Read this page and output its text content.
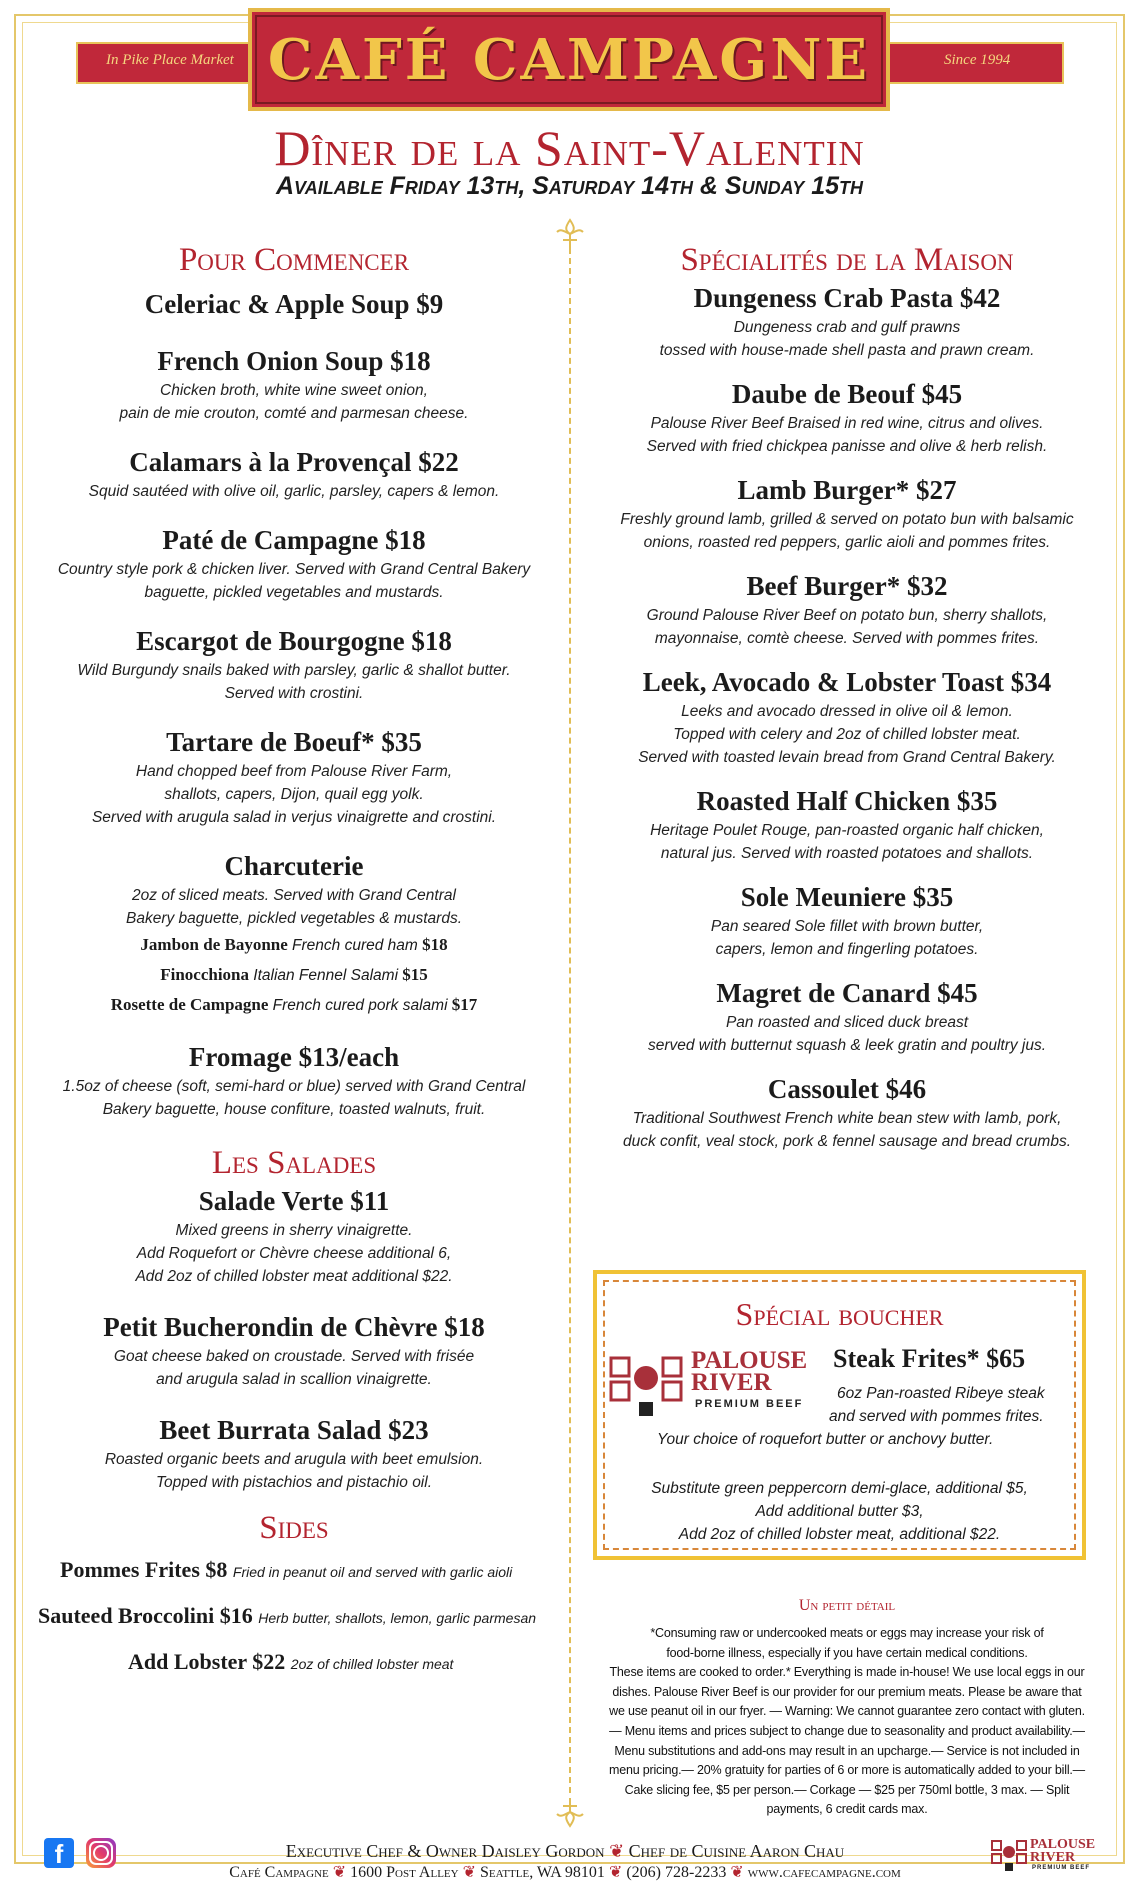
In Pike Place Market	Since 1994
CAFÉ CAMPAGNE
Dîner de la Saint-Valentin
Available Friday 13th, Saturday 14th & Sunday 15th
Pour Commencer
Celeriac & Apple Soup $9
French Onion Soup $18
Chicken broth, white wine sweet onion,
pain de mie crouton, comté and parmesan cheese.
Calamars à la Provençal $22
Squid sautéed with olive oil, garlic, parsley, capers & lemon.
Paté de Campagne $18
Country style pork & chicken liver. Served with Grand Central Bakery
baguette, pickled vegetables and mustards.
Escargot de Bourgogne $18
Wild Burgundy snails baked with parsley, garlic & shallot butter.
Served with crostini.
Tartare de Boeuf* $35
Hand chopped beef from Palouse River Farm,
shallots, capers, Dijon, quail egg yolk.
Served with arugula salad in verjus vinaigrette and crostini.
Charcuterie
2oz of sliced meats. Served with Grand Central
Bakery baguette, pickled vegetables & mustards.
Jambon de Bayonne French cured ham $18
Finocchiona Italian Fennel Salami $15
Rosette de Campagne French cured pork salami $17
Fromage $13/each
1.5oz of cheese (soft, semi-hard or blue) served with Grand Central
Bakery baguette, house confiture, toasted walnuts, fruit.
Les Salades
Salade Verte $11
Mixed greens in sherry vinaigrette.
Add Roquefort or Chèvre cheese additional 6,
Add 2oz of chilled lobster meat additional $22.
Petit Bucherondin de Chèvre $18
Goat cheese baked on croustade. Served with frisée
and arugula salad in scallion vinaigrette.
Beet Burrata Salad $23
Roasted organic beets and arugula with beet emulsion.
Topped with pistachios and pistachio oil.
Sides
Pommes Frites $8 Fried in peanut oil and served with garlic aioli
Sauteed Broccolini $16 Herb butter, shallots, lemon, garlic parmesan
Add Lobster $22 2oz of chilled lobster meat
Spécialités de la Maison
Dungeness Crab Pasta $42
Dungeness crab and gulf prawns
tossed with house-made shell pasta and prawn cream.
Daube de Beouf $45
Palouse River Beef Braised in red wine, citrus and olives.
Served with fried chickpea panisse and olive & herb relish.
Lamb Burger* $27
Freshly ground lamb, grilled & served on potato bun with balsamic
onions, roasted red peppers, garlic aioli and pommes frites.
Beef Burger* $32
Ground Palouse River Beef on potato bun, sherry shallots,
mayonnaise, comtè cheese. Served with pommes frites.
Leek, Avocado & Lobster Toast $34
Leeks and avocado dressed in olive oil & lemon.
Topped with celery and 2oz of chilled lobster meat.
Served with toasted levain bread from Grand Central Bakery.
Roasted Half Chicken $35
Heritage Poulet Rouge, pan-roasted organic half chicken,
natural jus. Served with roasted potatoes and shallots.
Sole Meuniere $35
Pan seared Sole fillet with brown butter,
capers, lemon and fingerling potatoes.
Magret de Canard $45
Pan roasted and sliced duck breast
served with butternut squash & leek gratin and poultry jus.
Cassoulet $46
Traditional Southwest French white bean stew with lamb, pork,
duck confit, veal stock, pork & fennel sausage and bread crumbs.
Spécial boucher
PALOUSE
RIVER
PREMIUM BEEF
Steak Frites* $65
6oz Pan-roasted Ribeye steak
and served with pommes frites.
Your choice of roquefort butter or anchovy butter.
Substitute green peppercorn demi-glace, additional $5,
Add additional butter $3,
Add 2oz of chilled lobster meat, additional $22.
Un petit détail
*Consuming raw or undercooked meats or eggs may increase your risk of
food-borne illness, especially if you have certain medical conditions.
These items are cooked to order.* Everything is made in-house! We use local eggs in our
dishes. Palouse River Beef is our provider for our premium meats. Please be aware that
we use peanut oil in our fryer. — Warning: We cannot guarantee zero contact with gluten.
— Menu items and prices subject to change due to seasonality and product availability.—
Menu substitutions and add-ons may result in an upcharge.— Service is not included in
menu pricing.— 20% gratuity for parties of 6 or more is automatically added to your bill.—
Cake slicing fee, $5 per person.— Corkage — $25 per 750ml bottle, 3 max. — Split
payments, 6 credit cards max.
f	Executive Chef & Owner Daisley Gordon ❦ Chef de Cuisine Aaron Chau
Café Campagne ❦ 1600 Post Alley ❦ Seattle, WA 98101 ❦ (206) 728-2233 ❦ www.cafecampagne.com
PALOUSE
RIVER
PREMIUM BEEF
